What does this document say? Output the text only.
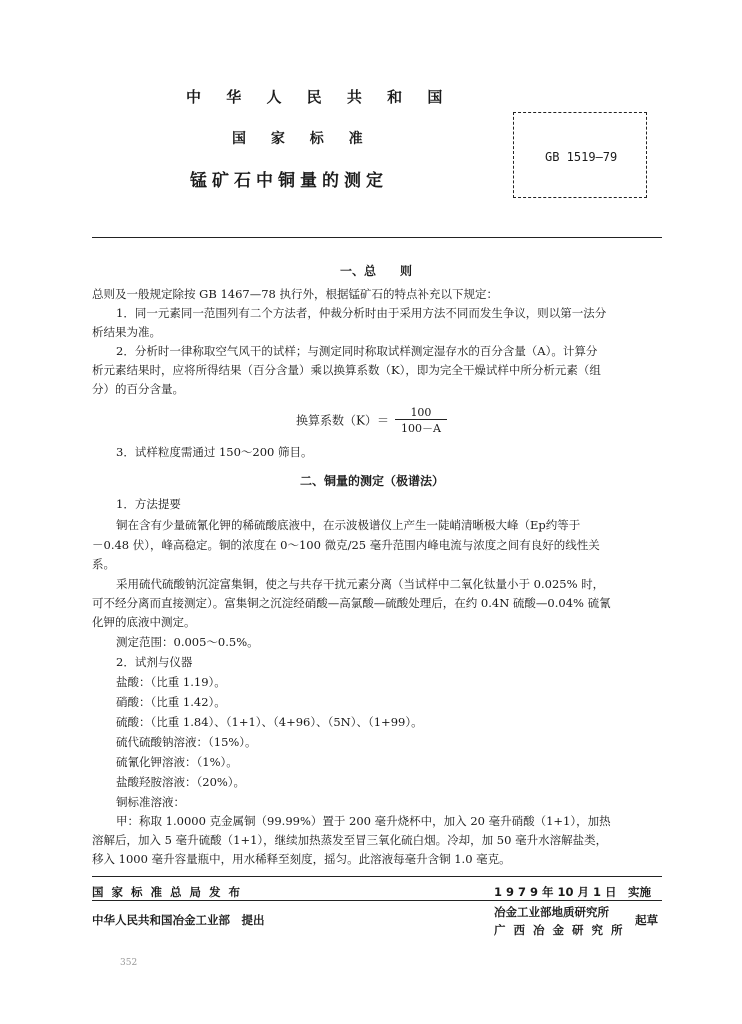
中 华 人 民 共 和 国
国 家 标 准
锰矿石中铜量的测定
GB 1519—79
一、总　　则
总则及一般规定除按 GB 1467—78 执行外，根据锰矿石的特点补充以下规定：
1．同一元素同一范围列有二个方法者，仲裁分析时由于采用方法不同而发生争议，则以第一法分
析结果为准。
2．分析时一律称取空气风干的试样；与测定同时称取试样测定湿存水的百分含量（A）。计算分
析元素结果时，应将所得结果（百分含量）乘以换算系数（K），即为完全干燥试样中所分析元素（组
分）的百分含量。
换算系数$(K)= \frac{100}{100-A}$
3．试样粒度需通过 150～200 筛目。
二、铜量的测定（极谱法）
1．方法提要
铜在含有少量硫氰化钾的稀硫酸底液中，在示波极谱仪上产生一陡峭清晰极大峰（Ep约等于
－0.48 伏），峰高稳定。铜的浓度在 0～100 微克/25 毫升范围内峰电流与浓度之间有良好的线性关
系。
采用硫代硫酸钠沉淀富集铜，使之与共存干扰元素分离（当试样中二氧化钛量小于 0.025% 时，
可不经分离而直接测定）。富集铜之沉淀经硝酸—高氯酸—硫酸处理后，在约 0.4N 硫酸—0.04% 硫氰
化钾的底液中测定。
测定范围：0.005～0.5%。
2．试剂与仪器
盐酸：（比重 1.19）。
硝酸：（比重 1.42）。
硫酸：（比重 1.84）、（1+1）、（4+96）、（5N）、（1+99）。
硫代硫酸钠溶液：（15%）。
硫氰化钾溶液：（1%）。
盐酸羟胺溶液：（20%）。
铜标准溶液：
甲：称取 1.0000 克金属铜（99.99%）置于 200 毫升烧杯中，加入 20 毫升硝酸（1+1），加热
溶解后，加入 5 毫升硫酸（1+1），继续加热蒸发至冒三氧化硫白烟。冷却，加 50 毫升水溶解盐类，
移入 1000 毫升容量瓶中，用水稀释至刻度，摇匀。此溶液每毫升含铜 1.0 毫克。
国 家 标 准 总 局 发 布	1 9 7 9 年 10 月 1 日　实施
中华人民共和国冶金工业部　提出
冶金工业部地质研究所
广 西 冶 金 研 究 所
起草
352
